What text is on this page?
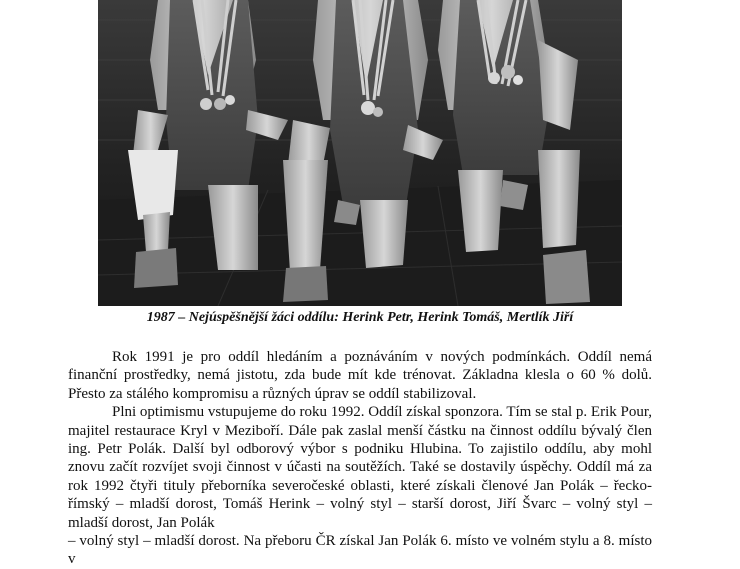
1987 – Nejúspěšnější žáci oddílu: Herink Petr, Herink Tomáš, Mertlík Jiří

Rok 1991 je pro oddíl hledáním a poznáváním v nových podmínkách. Oddíl nemá finanční prostředky, nemá jistotu, zda bude mít kde trénovat. Základna klesla o 60 % dolů. Přesto za stálého kompromisu a různých úprav se oddíl stabilizoval.

Plni optimismu vstupujeme do roku 1992. Oddíl získal sponzora. Tím se stal p. Erik Pour, majitel restaurace Kryl v Meziboří. Dále pak zaslal menší částku na činnost oddílu bývalý člen ing. Petr Polák. Další byl odborový výbor s podniku Hlubina. To zajistilo oddílu, aby mohl znovu začít rozvíjet svoji činnost v účasti na soutěžích. Také se dostavily úspěchy. Oddíl má za rok 1992 čtyři tituly přeborníka severočeské oblasti, které získali členové Jan Polák – řecko-římský – mladší dorost, Tomáš Herink – volný styl – starší dorost, Jiří Švarc – volný styl – mladší dorost, Jan Polák

– volný styl – mladší dorost. Na přeboru ČR získal Jan Polák 6. místo ve volném stylu a 8. místo v
